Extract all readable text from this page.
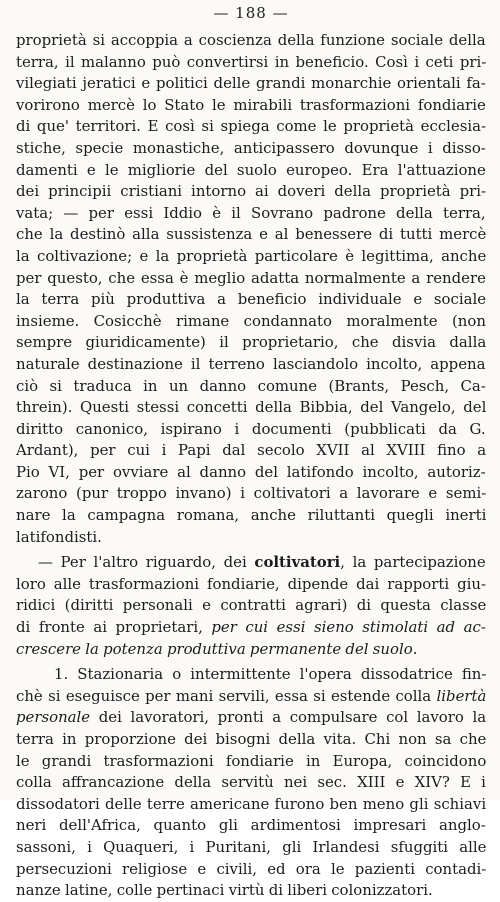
— 188 —
proprietà si accoppia a coscienza della funzione sociale della
terra, il malanno può convertirsi in beneficio. Così i ceti pri-
vilegiati jeratici e politici delle grandi monarchie orientali fa-
vorirono mercè lo Stato le mirabili trasformazioni fondiarie
di que' territori. E così si spiega come le proprietà ecclesia-
stiche, specie monastiche, anticipassero dovunque i disso-
damenti e le migliorie del suolo europeo. Era l'attuazione
dei principii cristiani intorno ai doveri della proprietà pri-
vata; — per essi Iddio è il Sovrano padrone della terra,
che la destinò alla sussistenza e al benessere di tutti mercè
la coltivazione; e la proprietà particolare è legittima, anche
per questo, che essa è meglio adatta normalmente a rendere
la terra più produttiva a beneficio individuale e sociale
insieme. Cosicchè rimane condannato moralmente (non
sempre giuridicamente) il proprietario, che disvia dalla
naturale destinazione il terreno lasciandolo incolto, appena
ciò si traduca in un danno comune (Brants, Pesch, Ca-
threin). Questi stessi concetti della Bibbia, del Vangelo, del
diritto canonico, ispirano i documenti (pubblicati da G.
Ardant), per cui i Papi dal secolo XVII al XVIII fino a
Pio VI, per ovviare al danno del latifondo incolto, autoriz-
zarono (pur troppo invano) i coltivatori a lavorare e semi-
nare la campagna romana, anche riluttanti quegli inerti
latifondisti.
— Per l'altro riguardo, dei coltivatori, la partecipazione
loro alle trasformazioni fondiarie, dipende dai rapporti giu-
ridici (diritti personali e contratti agrari) di questa classe
di fronte ai proprietari, per cui essi sieno stimolati ad ac-
crescere la potenza produttiva permanente del suolo.
1. Stazionaria o intermittente l'opera dissodatrice fin-
chè si eseguisce per mani servili, essa si estende colla libertà
personale dei lavoratori, pronti a compulsare col lavoro la
terra in proporzione dei bisogni della vita. Chi non sa che
le grandi trasformazioni fondiarie in Europa, coincidono
colla affrancazione della servitù nei sec. XIII e XIV? E i
dissodatori delle terre americane furono ben meno gli schiavi
neri dell'Africa, quanto gli ardimentosi impresari anglo-
sassoni, i Quaqueri, i Puritani, gli Irlandesi sfuggiti alle
persecuzioni religiose e civili, ed ora le pazienti contadi-
nanze latine, colle pertinaci virtù di liberi colonizzatori.
